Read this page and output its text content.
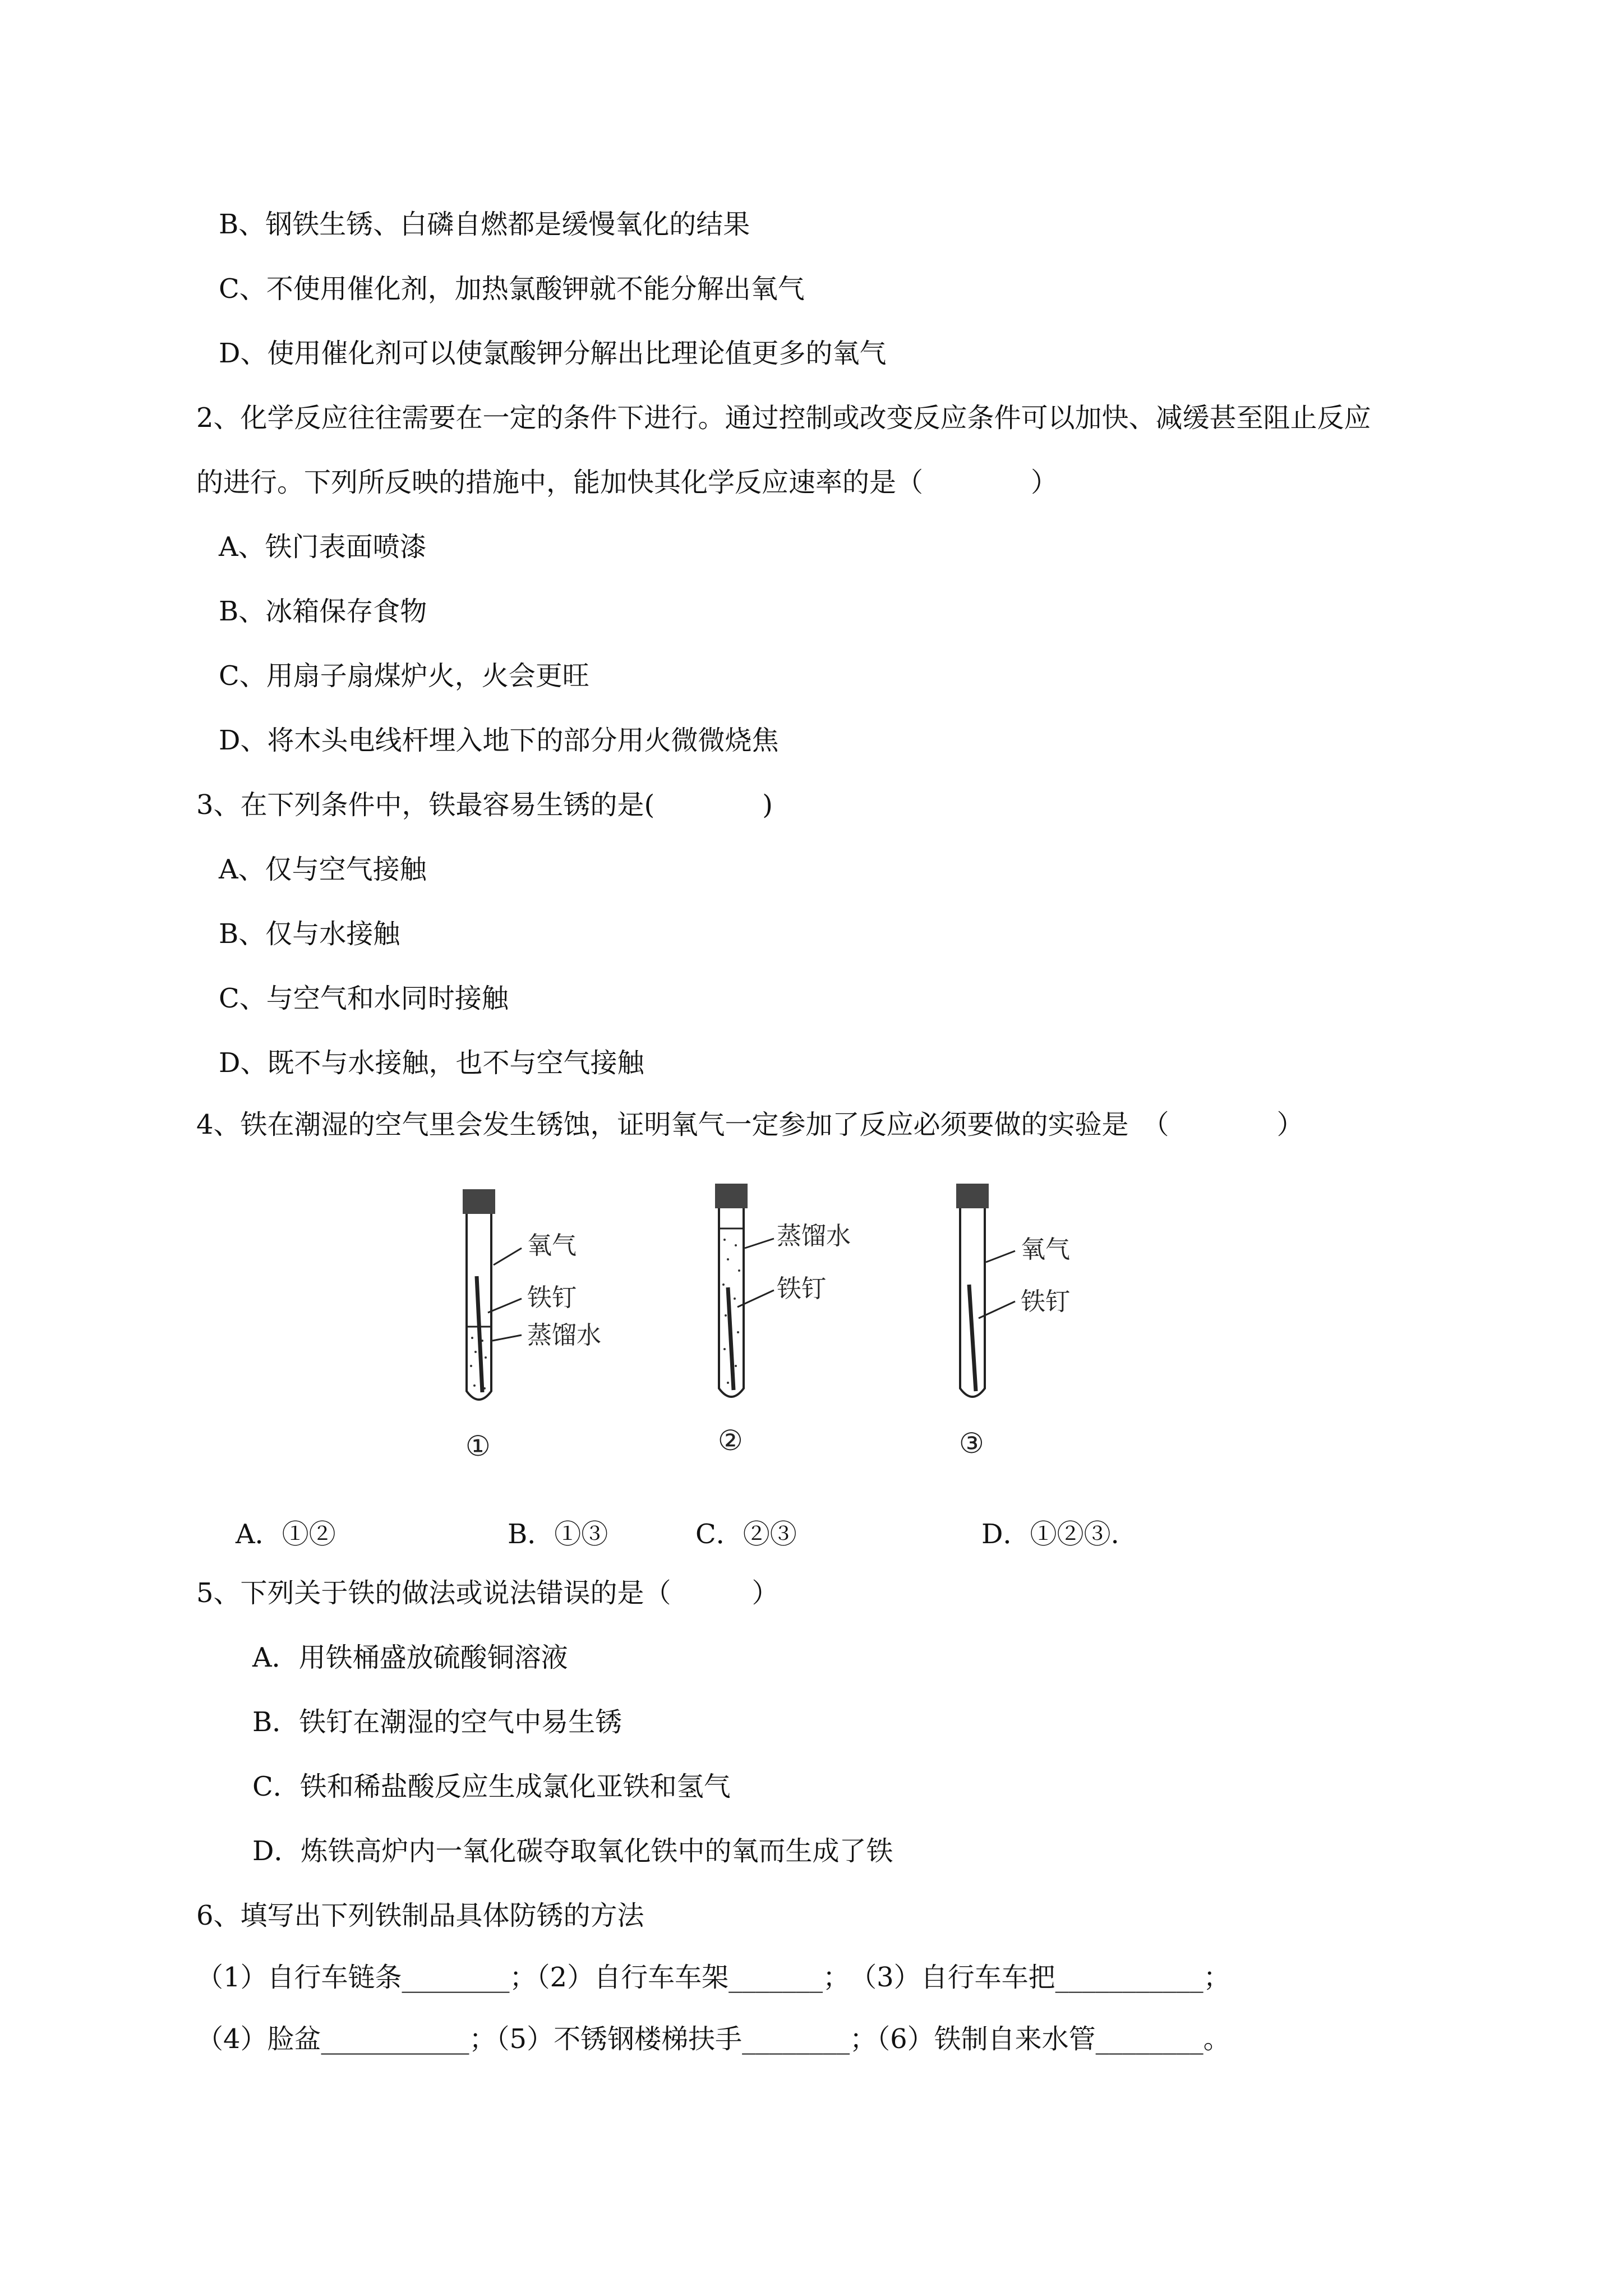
B、钢铁生锈、白磷自燃都是缓慢氧化的结果
C、不使用催化剂，加热氯酸钾就不能分解出氧气
D、使用催化剂可以使氯酸钾分解出比理论值更多的氧气
2、化学反应往往需要在一定的条件下进行。通过控制或改变反应条件可以加快、减缓甚至阻止反应
的进行。下列所反映的措施中，能加快其化学反应速率的是（　　　　）
A、铁门表面喷漆
B、冰箱保存食物
C、用扇子扇煤炉火，火会更旺
D、将木头电线杆埋入地下的部分用火微微烧焦
3、在下列条件中，铁最容易生锈的是(　　　　)
A、仅与空气接触
B、仅与水接触
C、与空气和水同时接触
D、既不与水接触，也不与空气接触
4、铁在潮湿的空气里会发生锈蚀，证明氧气一定参加了反应必须要做的实验是　（　　　　）
氧气
铁钉
蒸馏水
①
蒸馏水
铁钉
②
氧气
铁钉
③
A．①②	B．①③	C．②③	D．①②③.
5、下列关于铁的做法或说法错误的是（　　　）
A．用铁桶盛放硫酸铜溶液
B．铁钉在潮湿的空气中易生锈
C．铁和稀盐酸反应生成氯化亚铁和氢气
D．炼铁高炉内一氧化碳夺取氧化铁中的氧而生成了铁
6、填写出下列铁制品具体防锈的方法
（1）自行车链条________；（2）自行车车架_______；　（3）自行车车把___________；
（4）脸盆___________；（5）不锈钢楼梯扶手________；（6）铁制自来水管________。
